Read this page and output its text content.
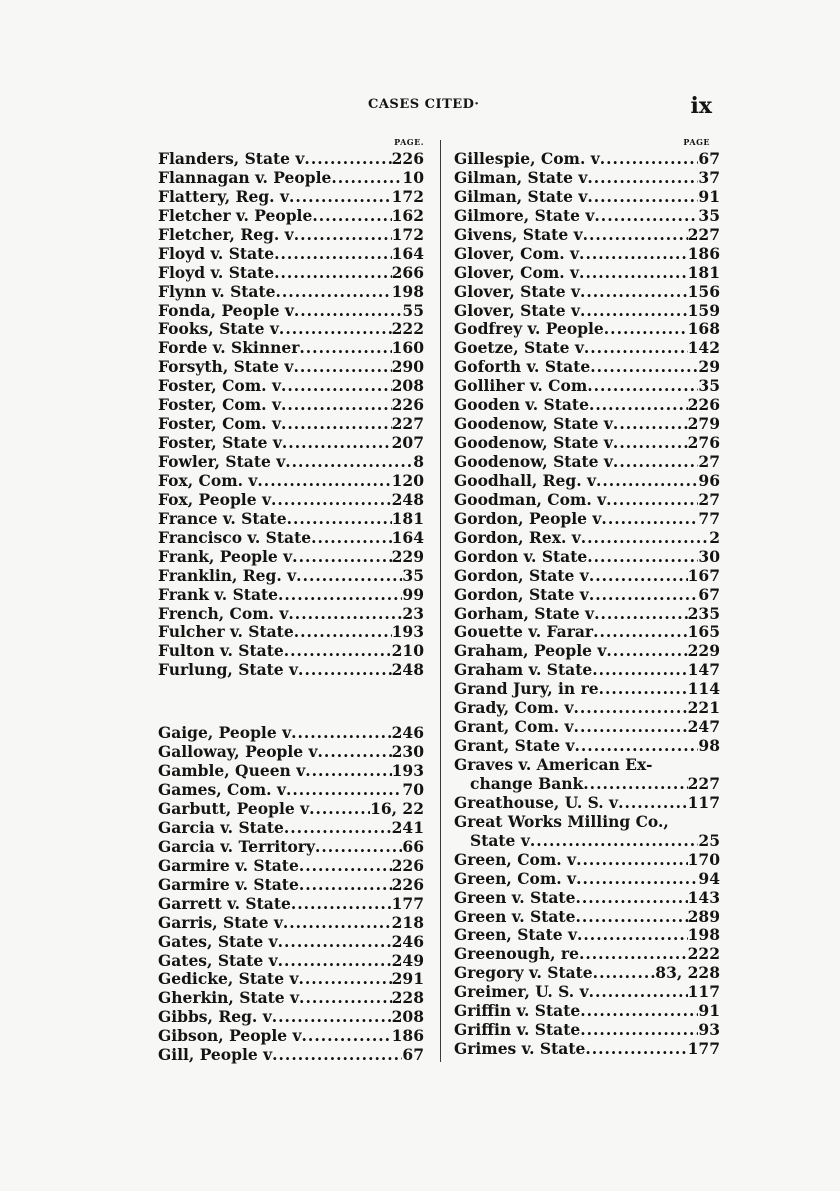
CASES CITED·	ix
PAGE.
Flanders, State v .....	226
Flannagan v. People .....	10
Flattery, Reg. v .....	172
Fletcher v. People .....	162
Fletcher, Reg. v .....	172
Floyd v. State .....	164
Floyd v. State .....	266
Flynn v. State .....	198
Fonda, People v .....	55
Fooks, State v .....	222
Forde v. Skinner .....	160
Forsyth, State v .....	290
Foster, Com. v .....	208
Foster, Com. v .....	226
Foster, Com. v .....	227
Foster, State v .....	207
Fowler, State v .....	8
Fox, Com. v .....	120
Fox, People v .....	248
France v. State .....	181
Francisco v. State .....	164
Frank, People v .....	229
Franklin, Reg. v .....	35
Frank v. State .....	99
French, Com. v .....	23
Fulcher v. State .....	193
Fulton v. State .....	210
Furlung, State v .....	248
Gaige, People v .....	246
Galloway, People v .....	230
Gamble, Queen v .....	193
Games, Com. v .....	70
Garbutt, People v .....	16, 22
Garcia v. State .....	241
Garcia v. Territory .....	66
Garmire v. State .....	226
Garmire v. State .....	226
Garrett v. State .....	177
Garris, State v .....	218
Gates, State v .....	246
Gates, State v .....	249
Gedicke, State v .....	291
Gherkin, State v .....	228
Gibbs, Reg. v .....	208
Gibson, People v .....	186
Gill, People v .....	67
PAGE
Gillespie, Com. v .....	67
Gilman, State v .....	37
Gilman, State v .....	91
Gilmore, State v .....	35
Givens, State v .....	227
Glover, Com. v .....	186
Glover, Com. v .....	181
Glover, State v .....	156
Glover, State v .....	159
Godfrey v. People .....	168
Goetze, State v .....	142
Goforth v. State .....	29
Golliher v. Com .....	35
Gooden v. State .....	226
Goodenow, State v .....	279
Goodenow, State v .....	276
Goodenow, State v .....	27
Goodhall, Reg. v .....	96
Goodman, Com. v .....	27
Gordon, People v .....	77
Gordon, Rex. v .....	2
Gordon v. State .....	30
Gordon, State v .....	167
Gordon, State v .....	67
Gorham, State v .....	235
Gouette v. Farar .....	165
Graham, People v .....	229
Graham v. State .....	147
Grand Jury, in re .....	114
Grady, Com. v .....	221
Grant, Com. v .....	247
Grant, State v .....	98
Graves v. American Ex-
change Bank .....	227
Greathouse, U. S. v .....	117
Great Works Milling Co.,
State v .....	25
Green, Com. v .....	170
Green, Com. v .....	94
Green v. State .....	143
Green v. State .....	289
Green, State v .....	198
Greenough, re .....	222
Gregory v. State .....	83, 228
Greimer, U. S. v .....	117
Griffin v. State .....	91
Griffin v. State .....	93
Grimes v. State .....	177
